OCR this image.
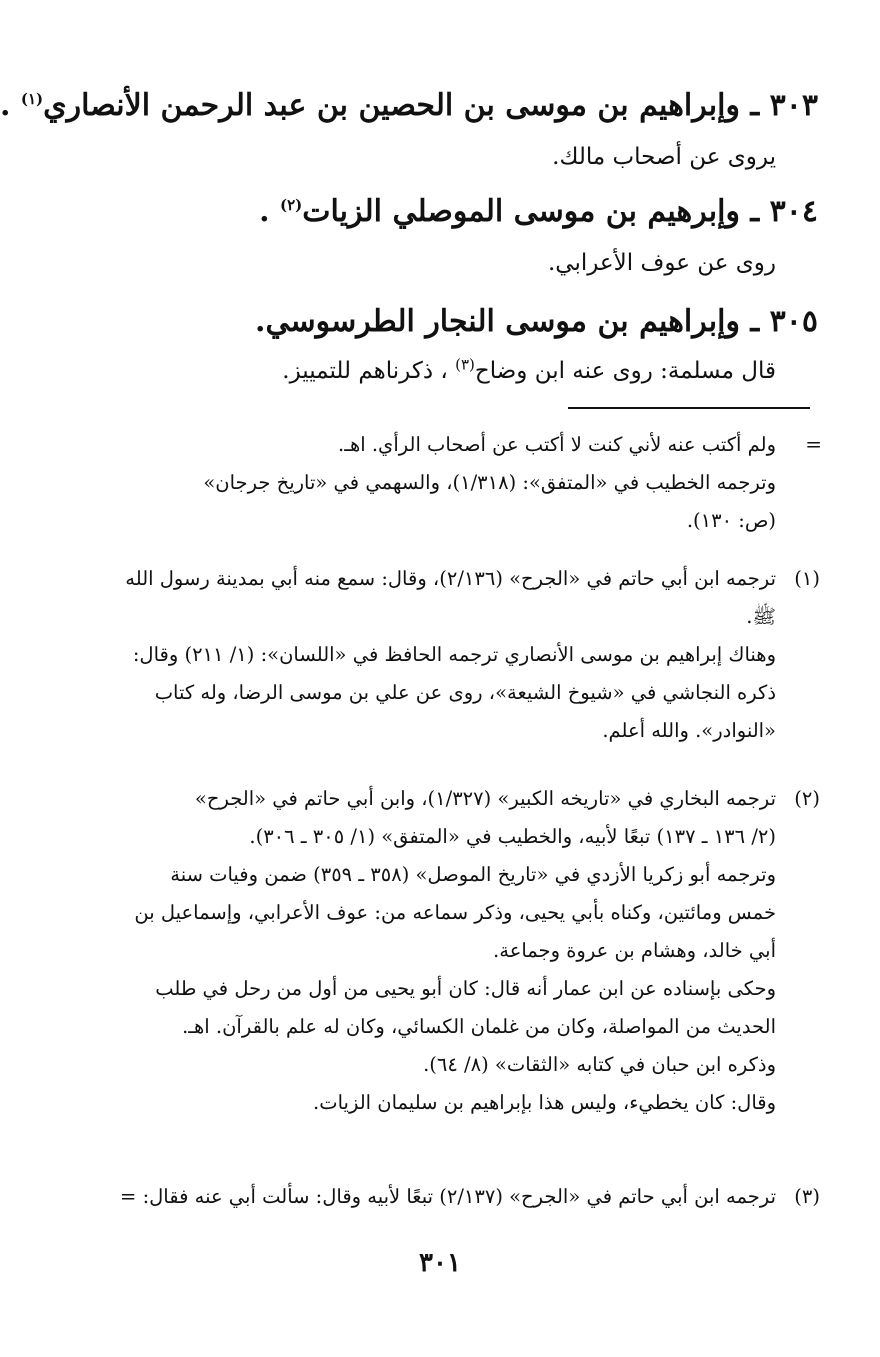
٣٠٣ ـ وإبراهيم بن موسى بن الحصين بن عبد الرحمن الأنصاري$^{(١)}$ .
يروى عن أصحاب مالك.
٣٠٤ ـ وإبرهيم بن موسى الموصلي الزيات$^{(٢)}$ .
روى عن عوف الأعرابي.
٣٠٥ ـ وإبراهيم بن موسى النجار الطرسوسي.
قال مسلمة: روى عنه ابن وضاح$^{(٣)}$ ، ذكرناهم للتمييز.
=
ولم أكتب عنه لأني كنت لا أكتب عن أصحاب الرأي. اهـ.
وترجمه الخطيب في «المتفق»: (١/٣١٨)، والسهمي في «تاريخ جرجان»
(ص: ١٣٠).
(١)ترجمه ابن أبي حاتم في «الجرح» (٢/١٣٦)، وقال: سمع منه أبي بمدينة رسول الله
ﷺ.
وهناك إبراهيم بن موسى الأنصاري ترجمه الحافظ في «اللسان»: (١/ ٢١١) وقال:
ذكره النجاشي في «شيوخ الشيعة»، روى عن علي بن موسى الرضا، وله كتاب
«النوادر». والله أعلم.
(٢)ترجمه البخاري في «تاريخه الكبير» (١/٣٢٧)، وابن أبي حاتم في «الجرح»
(٢/ ١٣٦ ـ ١٣٧) تبعًا لأبيه، والخطيب في «المتفق» (١/ ٣٠٥ ـ ٣٠٦).
وترجمه أبو زكريا الأزدي في «تاريخ الموصل» (٣٥٨ ـ ٣٥٩) ضمن وفيات سنة
خمس ومائتين، وكناه بأبي يحيى، وذكر سماعه من: عوف الأعرابي، وإسماعيل بن
أبي خالد، وهشام بن عروة وجماعة.
وحكى بإسناده عن ابن عمار أنه قال: كان أبو يحيى من أول من رحل في طلب
الحديث من المواصلة، وكان من غلمان الكسائي، وكان له علم بالقرآن. اهـ.
وذكره ابن حبان في كتابه «الثقات» (٨/ ٦٤).
وقال: كان يخطيء، وليس هذا بإبراهيم بن سليمان الزيات.
(٣)ترجمه ابن أبي حاتم في «الجرح» (٢/١٣٧) تبعًا لأبيه وقال: سألت أبي عنه فقال: =
٣٠١
